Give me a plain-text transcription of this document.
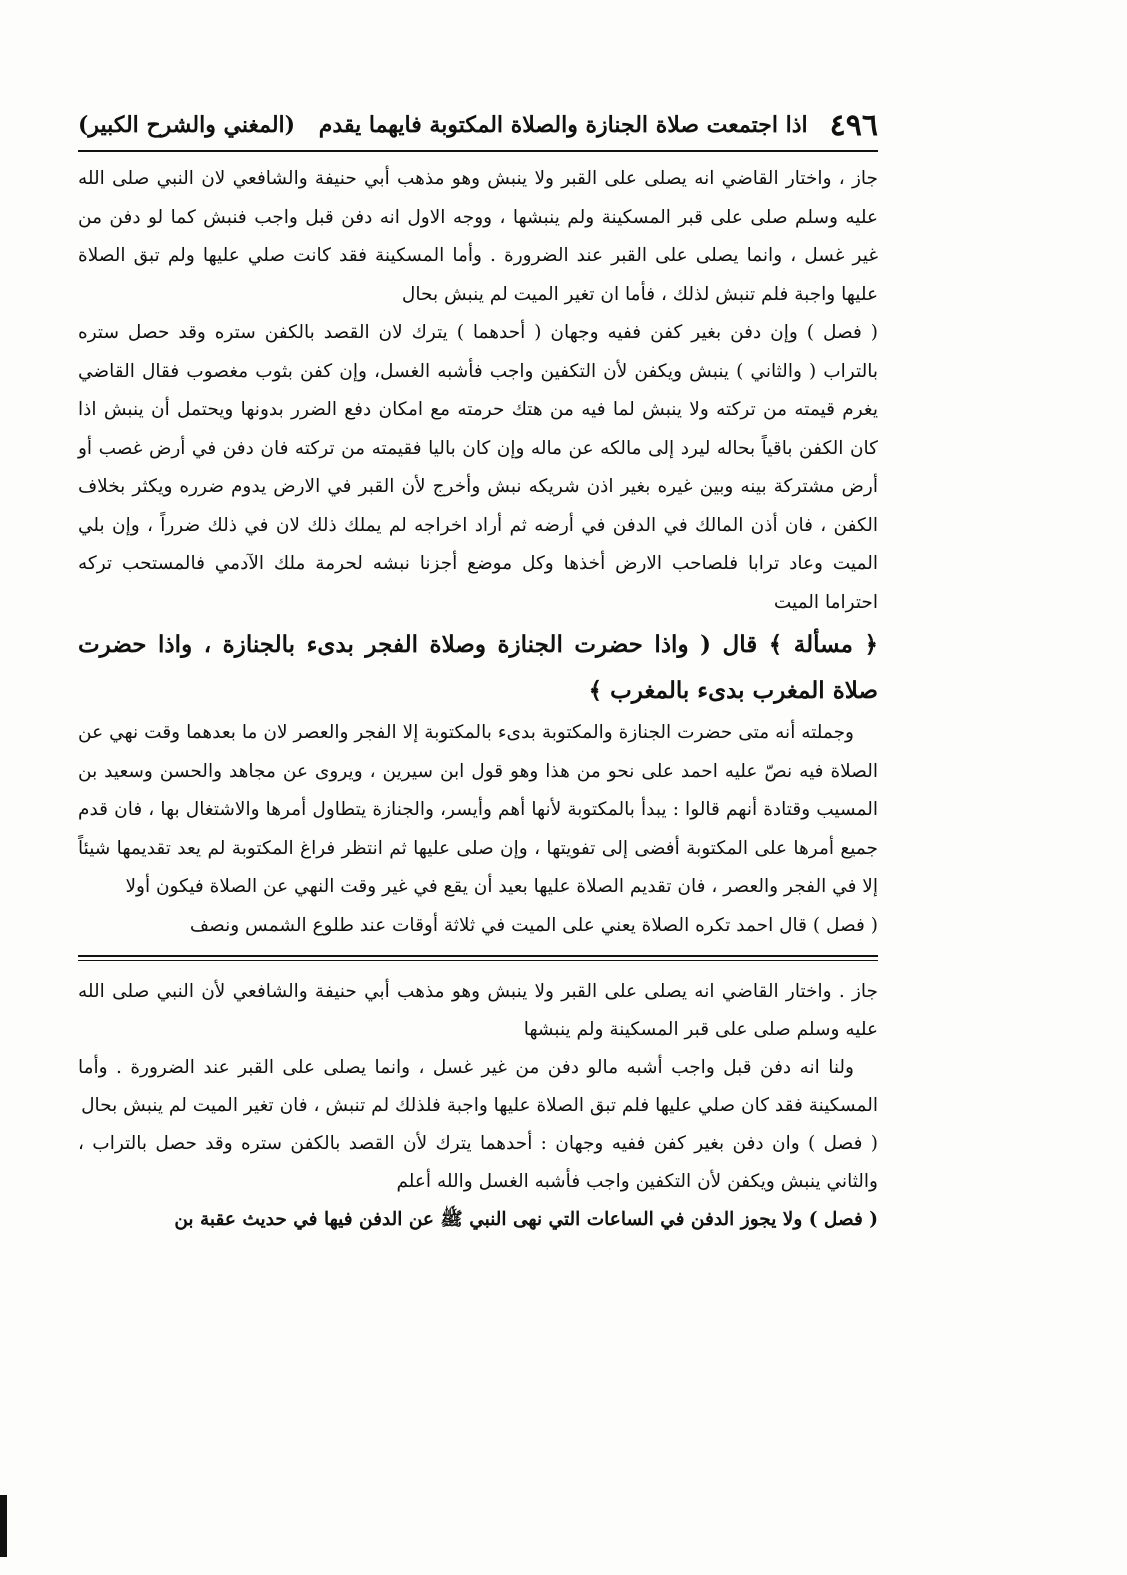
٤٩٦
اذا اجتمعت صلاة الجنازة والصلاة المكتوبة فايهما يقدم
(المغني والشرح الكبير)

جاز ، واختار القاضي انه يصلى على القبر ولا ينبش وهو مذهب أبي حنيفة والشافعي لان النبي صلى الله عليه وسلم صلى على قبر المسكينة ولم ينبشها ، ووجه الاول انه دفن قبل واجب فنبش كما لو دفن من غير غسل ، وانما يصلى على القبر عند الضرورة . وأما المسكينة فقد كانت صلي عليها ولم تبق الصلاة عليها واجبة فلم تنبش لذلك ، فأما ان تغير الميت لم ينبش بحال

( فصل ) وإن دفن بغير كفن ففيه وجهان ( أحدهما ) يترك لان القصد بالكفن ستره وقد حصل ستره بالتراب ( والثاني ) ينبش ويكفن لأن التكفين واجب فأشبه الغسل، وإن كفن بثوب مغصوب فقال القاضي يغرم قيمته من تركته ولا ينبش لما فيه من هتك حرمته مع امكان دفع الضرر بدونها ويحتمل أن ينبش اذا كان الكفن باقياً بحاله ليرد إلى مالكه عن ماله وإن كان باليا فقيمته من تركته فان دفن في أرض غصب أو أرض مشتركة بينه وبين غيره بغير اذن شريكه نبش وأخرج لأن القبر في الارض يدوم ضرره ويكثر بخلاف الكفن ، فان أذن المالك في الدفن في أرضه ثم أراد اخراجه لم يملك ذلك لان في ذلك ضرراً ، وإن بلي الميت وعاد ترابا فلصاحب الارض أخذها وكل موضع أجزنا نبشه لحرمة ملك الآدمي فالمستحب تركه احتراما الميت

﴿ مسألة ﴾ قال ( واذا حضرت الجنازة وصلاة الفجر بدىء بالجنازة ، واذا حضرت صلاة المغرب بدىء بالمغرب ﴾

وجملته أنه متى حضرت الجنازة والمكتوبة بدىء بالمكتوبة إلا الفجر والعصر لان ما بعدهما وقت نهي عن الصلاة فيه نصّ عليه احمد على نحو من هذا وهو قول ابن سيرين ، ويروى عن مجاهد والحسن وسعيد بن المسيب وقتادة أنهم قالوا : يبدأ بالمكتوبة لأنها أهم وأيسر، والجنازة يتطاول أمرها والاشتغال بها ، فان قدم جميع أمرها على المكتوبة أفضى إلى تفويتها ، وإن صلى عليها ثم انتظر فراغ المكتوبة لم يعد تقديمها شيئاً إلا في الفجر والعصر ، فان تقديم الصلاة عليها بعيد أن يقع في غير وقت النهي عن الصلاة فيكون أولا

( فصل ) قال احمد تكره الصلاة يعني على الميت في ثلاثة أوقات عند طلوع الشمس ونصف

جاز . واختار القاضي انه يصلى على القبر ولا ينبش وهو مذهب أبي حنيفة والشافعي لأن النبي صلى الله عليه وسلم صلى على قبر المسكينة ولم ينبشها

ولنا انه دفن قبل واجب أشبه مالو دفن من غير غسل ، وانما يصلى على القبر عند الضرورة . وأما المسكينة فقد كان صلي عليها فلم تبق الصلاة عليها واجبة فلذلك لم تنبش ، فان تغير الميت لم ينبش بحال

( فصل ) وان دفن بغير كفن ففيه وجهان : أحدهما يترك لأن القصد بالكفن ستره وقد حصل بالتراب ، والثاني ينبش ويكفن لأن التكفين واجب فأشبه الغسل والله أعلم

( فصل ) ولا يجوز الدفن في الساعات التي نهى النبي ﷺ عن الدفن فيها في حديث عقبة بن
